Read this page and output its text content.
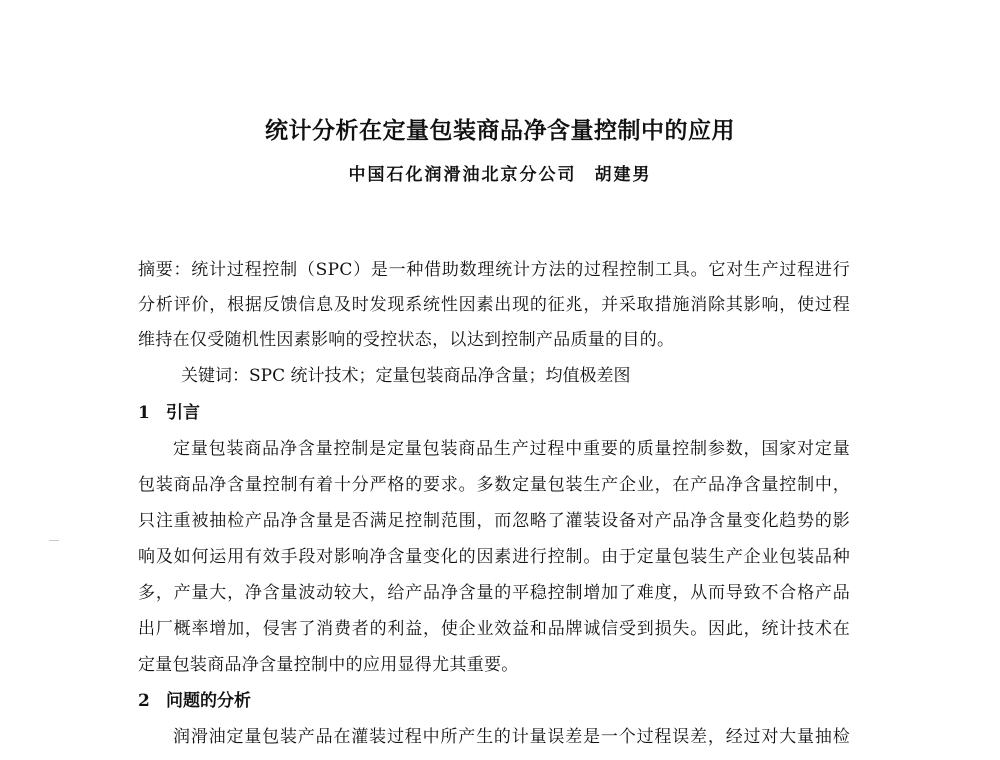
统计分析在定量包装商品净含量控制中的应用
中国石化润滑油北京分公司 胡建男
摘要：统计过程控制（SPC）是一种借助数理统计方法的过程控制工具。它对生产过程进行
分析评价，根据反馈信息及时发现系统性因素出现的征兆，并采取措施消除其影响，使过程
维持在仅受随机性因素影响的受控状态，以达到控制产品质量的目的。
关键词：SPC 统计技术；定量包装商品净含量；均值极差图
1 引言
定量包装商品净含量控制是定量包装商品生产过程中重要的质量控制参数，国家对定量
包装商品净含量控制有着十分严格的要求。多数定量包装生产企业，在产品净含量控制中，
只注重被抽检产品净含量是否满足控制范围，而忽略了灌装设备对产品净含量变化趋势的影
响及如何运用有效手段对影响净含量变化的因素进行控制。由于定量包装生产企业包装品种
多，产量大，净含量波动较大，给产品净含量的平稳控制增加了难度，从而导致不合格产品
出厂概率增加，侵害了消费者的利益，使企业效益和品牌诚信受到损失。因此，统计技术在
定量包装商品净含量控制中的应用显得尤其重要。
2 问题的分析
润滑油定量包装产品在灌装过程中所产生的计量误差是一个过程误差，经过对大量抽检
